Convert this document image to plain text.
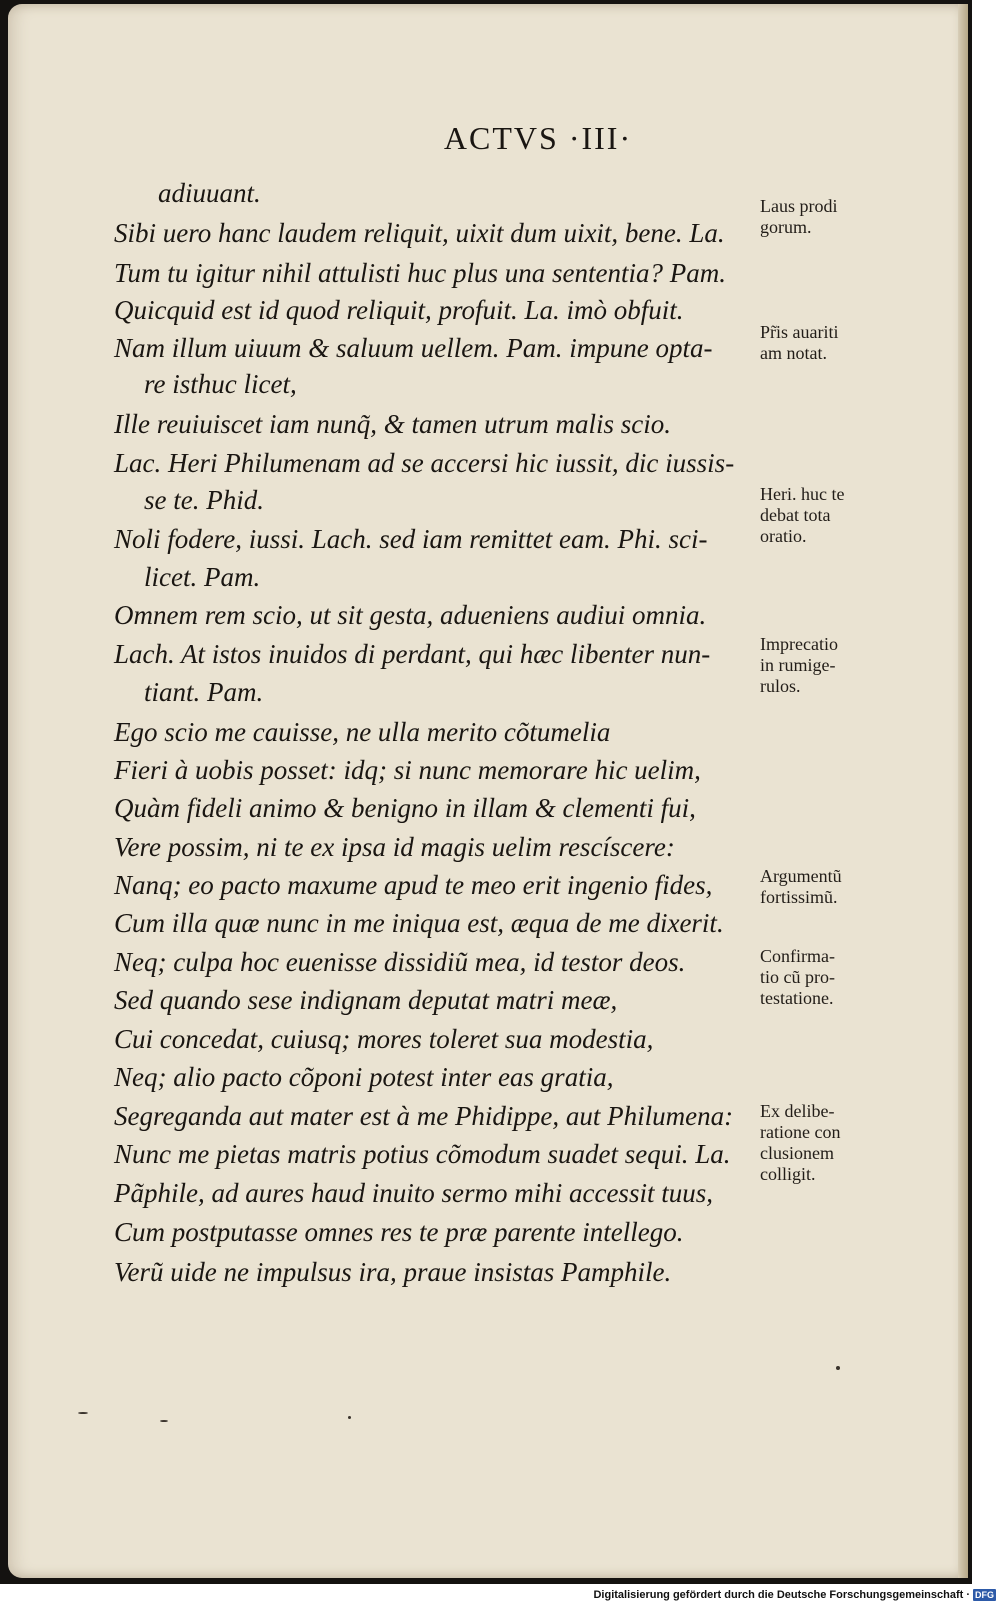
ACTVS ·III·
adiuuant.
Sibi uero hanc laudem reliquit, uixit dum uixit, bene. La.
Tum tu igitur nihil attulisti huc plus una sententia? Pam.
Quicquid est id quod reliquit, profuit. La. imò obfuit.
Nam illum uiuum & saluum uellem. Pam. impune opta-
re isthuc licet,
Ille reuiuiscet iam nunq̃, & tamen utrum malis scio.
Lac. Heri Philumenam ad se accersi hic iussit, dic iussis-
se te. Phid.
Noli fodere, iussi. Lach. sed iam remittet eam. Phi. sci-
licet. Pam.
Omnem rem scio, ut sit gesta, adueniens audiui omnia.
Lach. At istos inuidos di perdant, qui hæc libenter nun-
tiant. Pam.
Ego scio me cauisse, ne ulla merito cõtumelia
Fieri à uobis posset: idq; si nunc memorare hic uelim,
Quàm fideli animo & benigno in illam & clementi fui,
Vere possim, ni te ex ipsa id magis uelim rescíscere:
Nanq; eo pacto maxume apud te meo erit ingenio fides,
Cum illa quæ nunc in me iniqua est, æqua de me dixerit.
Neq; culpa hoc euenisse dissidiũ mea, id testor deos.
Sed quando sese indignam deputat matri meæ,
Cui concedat, cuiusq; mores toleret sua modestia,
Neq; alio pacto cõponi potest inter eas gratia,
Segreganda aut mater est à me Phidippe, aut Philumena:
Nunc me pietas matris potius cõmodum suadet sequi. La.
Pãphile, ad aures haud inuito sermo mihi accessit tuus,
Cum postputasse omnes res te præ parente intellego.
Verũ uide ne impulsus ira, praue insistas Pamphile.
Laus prodi
gorum.
Pr̃is auariti
am notat.
Heri. huc te
debat tota
oratio.
Imprecatio
in rumige-
rulos.
Argumentũ
fortissimũ.
Confirma-
tio cũ pro-
testatione.
Ex delibe-
ratione con
clusionem
colligit.
Digitalisierung gefördert durch die Deutsche Forschungsgemeinschaft · DFG
